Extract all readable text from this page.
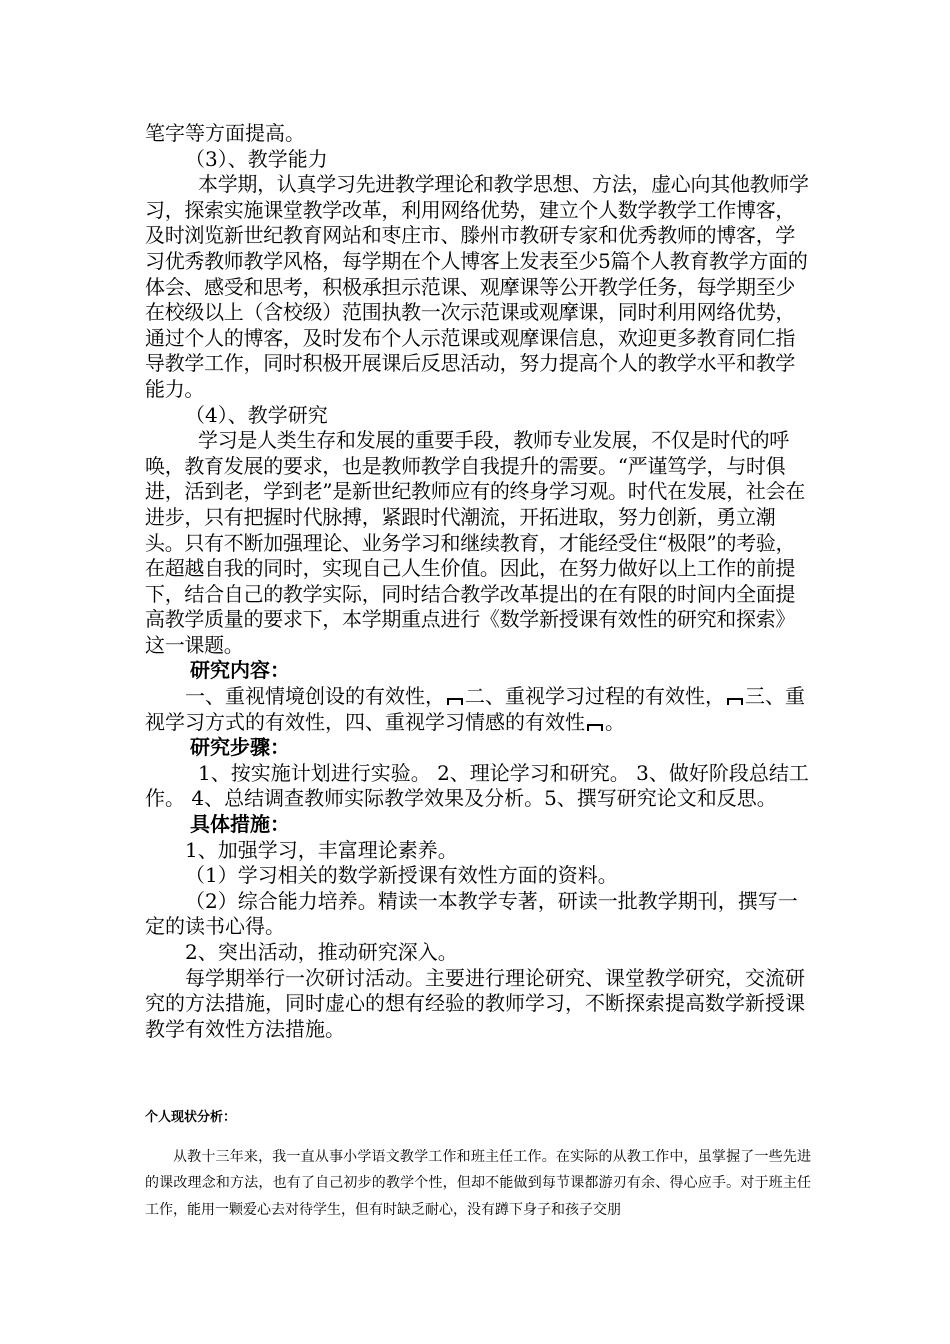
笔字等方面提高。

（3）、教学能力

本学期，认真学习先进教学理论和教学思想、方法，虚心向其他教师学习，探索实施课堂教学改革，利用网络优势，建立个人数学教学工作博客，及时浏览新世纪教育网站和枣庄市、滕州市教研专家和优秀教师的博客，学习优秀教师教学风格，每学期在个人博客上发表至少5篇个人教育教学方面的体会、感受和思考，积极承担示范课、观摩课等公开教学任务，每学期至少在校级以上（含校级）范围执教一次示范课或观摩课，同时利用网络优势，通过个人的博客，及时发布个人示范课或观摩课信息，欢迎更多教育同仁指导教学工作，同时积极开展课后反思活动，努力提高个人的教学水平和教学能力。

（4）、教学研究

学习是人类生存和发展的重要手段，教师专业发展，不仅是时代的呼唤，教育发展的要求，也是教师教学自我提升的需要。“严谨笃学，与时俱进，活到老，学到老”是新世纪教师应有的终身学习观。时代在发展，社会在进步，只有把握时代脉搏，紧跟时代潮流，开拓进取，努力创新，勇立潮头。只有不断加强理论、业务学习和继续教育，才能经受住“极限”的考验，在超越自我的同时，实现自己人生价值。因此，在努力做好以上工作的前提下，结合自己的教学实际，同时结合教学改革提出的在有限的时间内全面提高教学质量的要求下，本学期重点进行《数学新授课有效性的研究和探索》这一课题。

研究内容：

一、重视情境创设的有效性， 二、重视学习过程的有效性， 三、重视学习方式的有效性，四、重视学习情感的有效性 。

研究步骤：

1、按实施计划进行实验。 2、理论学习和研究。 3、做好阶段总结工作。 4、总结调查教师实际教学效果及分析。5、撰写研究论文和反思。

具体措施：

1、加强学习，丰富理论素养。

（1）学习相关的数学新授课有效性方面的资料。

（2）综合能力培养。精读一本教学专著，研读一批教学期刊，撰写一定的读书心得。

2、突出活动，推动研究深入。

每学期举行一次研讨活动。主要进行理论研究、课堂教学研究，交流研究的方法措施，同时虚心的想有经验的教师学习，不断探索提高数学新授课教学有效性方法措施。

个人现状分析：

从教十三年来，我一直从事小学语文教学工作和班主任工作。在实际的从教工作中，虽掌握了一些先进的课改理念和方法，也有了自己初步的教学个性，但却不能做到每节课都游刃有余、得心应手。对于班主任工作，能用一颗爱心去对待学生，但有时缺乏耐心，没有蹲下身子和孩子交朋
